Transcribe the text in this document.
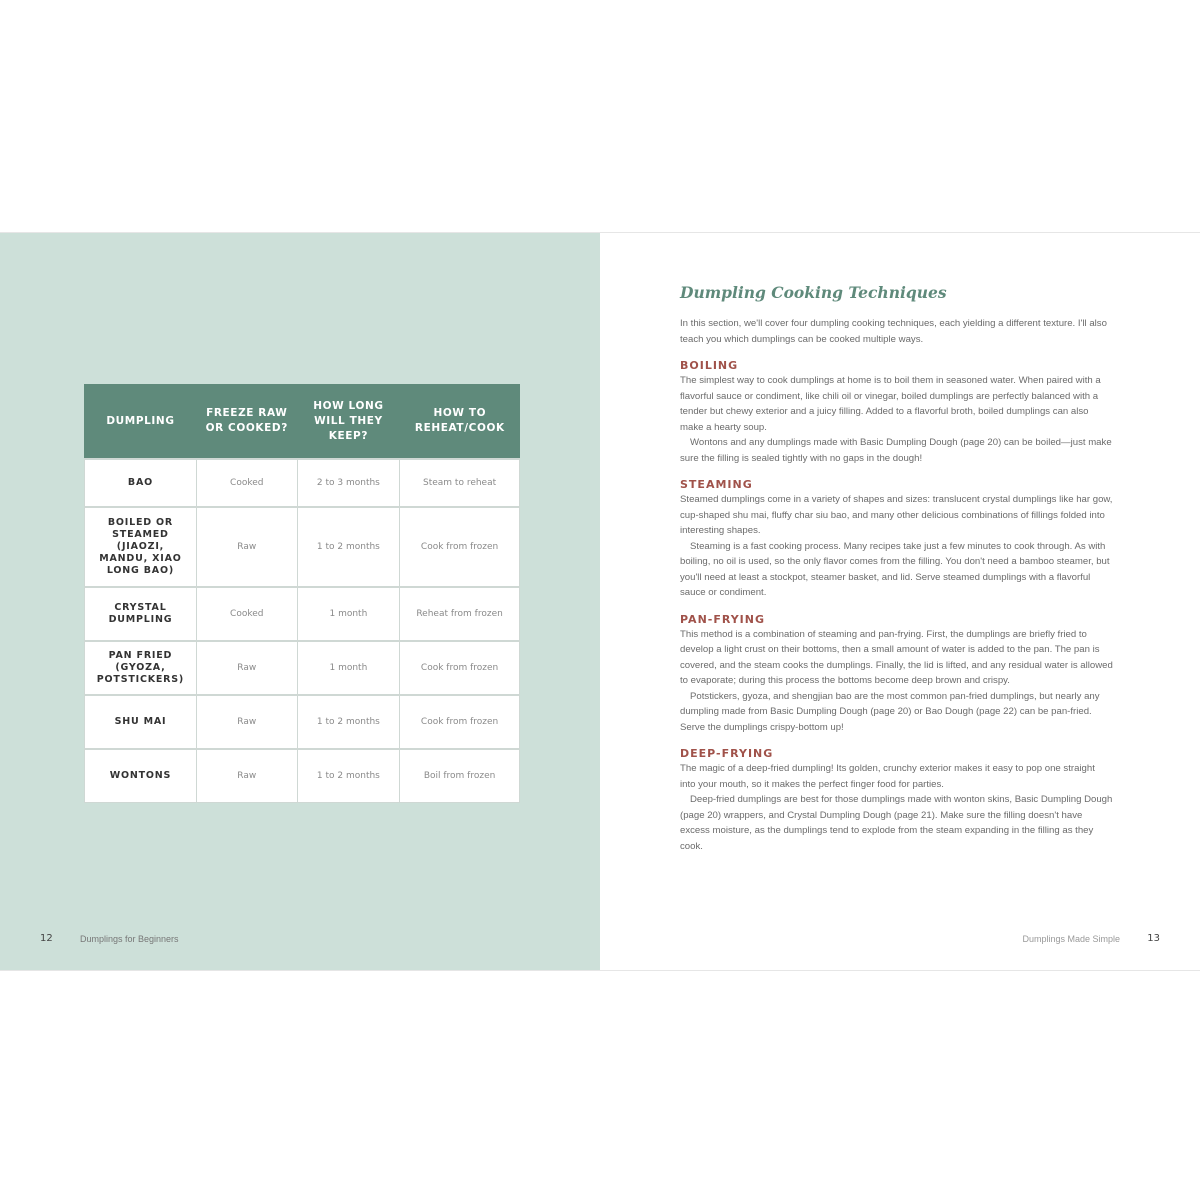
DUMPLING	FREEZE RAW OR COOKED?	HOW LONG WILL THEY KEEP?	HOW TO REHEAT/COOK
BAO	Cooked	2 to 3 months	Steam to reheat
BOILED OR STEAMED (JIAOZI, MANDU, XIAO LONG BAO)	Raw	1 to 2 months	Cook from frozen
CRYSTAL DUMPLING	Cooked	1 month	Reheat from frozen
PAN FRIED (GYOZA, POTSTICKERS)	Raw	1 month	Cook from frozen
SHU MAI	Raw	1 to 2 months	Cook from frozen
WONTONS	Raw	1 to 2 months	Boil from frozen
12	Dumplings for Beginners
Dumpling Cooking Techniques

In this section, we'll cover four dumpling cooking techniques, each yielding a different texture. I'll also teach you which dumplings can be cooked multiple ways.

BOILING

The simplest way to cook dumplings at home is to boil them in seasoned water. When paired with a flavorful sauce or condiment, like chili oil or vinegar, boiled dumplings are perfectly balanced with a tender but chewy exterior and a juicy filling. Added to a flavorful broth, boiled dumplings can also make a hearty soup.

Wontons and any dumplings made with Basic Dumpling Dough (page 20) can be boiled—just make sure the filling is sealed tightly with no gaps in the dough!

STEAMING

Steamed dumplings come in a variety of shapes and sizes: translucent crystal dumplings like har gow, cup-shaped shu mai, fluffy char siu bao, and many other delicious combinations of fillings folded into interesting shapes.

Steaming is a fast cooking process. Many recipes take just a few minutes to cook through. As with boiling, no oil is used, so the only flavor comes from the filling. You don't need a bamboo steamer, but you'll need at least a stockpot, steamer basket, and lid. Serve steamed dumplings with a flavorful sauce or condiment.

PAN-FRYING

This method is a combination of steaming and pan-frying. First, the dumplings are briefly fried to develop a light crust on their bottoms, then a small amount of water is added to the pan. The pan is covered, and the steam cooks the dumplings. Finally, the lid is lifted, and any residual water is allowed to evaporate; during this process the bottoms become deep brown and crispy.

Potstickers, gyoza, and shengjian bao are the most common pan-fried dumplings, but nearly any dumpling made from Basic Dumpling Dough (page 20) or Bao Dough (page 22) can be pan-fried. Serve the dumplings crispy-bottom up!

DEEP-FRYING

The magic of a deep-fried dumpling! Its golden, crunchy exterior makes it easy to pop one straight into your mouth, so it makes the perfect finger food for parties.

Deep-fried dumplings are best for those dumplings made with wonton skins, Basic Dumpling Dough (page 20) wrappers, and Crystal Dumpling Dough (page 21). Make sure the filling doesn't have excess moisture, as the dumplings tend to explode from the steam expanding in the filling as they cook.

Dumplings Made Simple	13
